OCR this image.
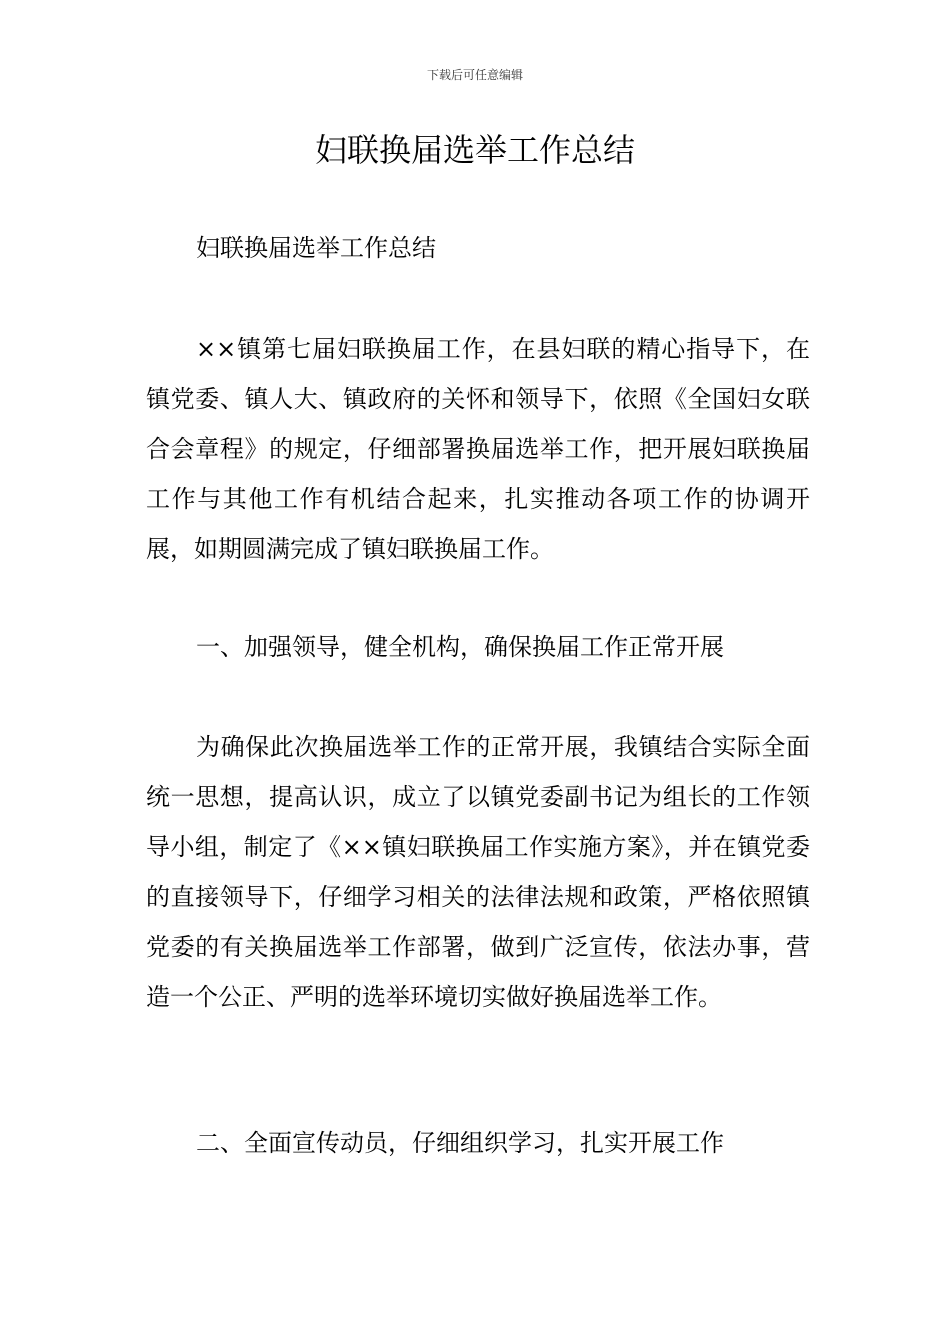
下载后可任意编辑
妇联换届选举工作总结

妇联换届选举工作总结

××镇第七届妇联换届工作，在县妇联的精心指导下，在镇党委、镇人大、镇政府的关怀和领导下，依照《全国妇女联合会章程》的规定，仔细部署换届选举工作，把开展妇联换届工作与其他工作有机结合起来，扎实推动各项工作的协调开展，如期圆满完成了镇妇联换届工作。

一、加强领导，健全机构，确保换届工作正常开展

为确保此次换届选举工作的正常开展，我镇结合实际全面统一思想，提高认识，成立了以镇党委副书记为组长的工作领导小组，制定了《××镇妇联换届工作实施方案》，并在镇党委的直接领导下，仔细学习相关的法律法规和政策，严格依照镇党委的有关换届选举工作部署，做到广泛宣传，依法办事，营造一个公正、严明的选举环境切实做好换届选举工作。

二、全面宣传动员，仔细组织学习，扎实开展工作
